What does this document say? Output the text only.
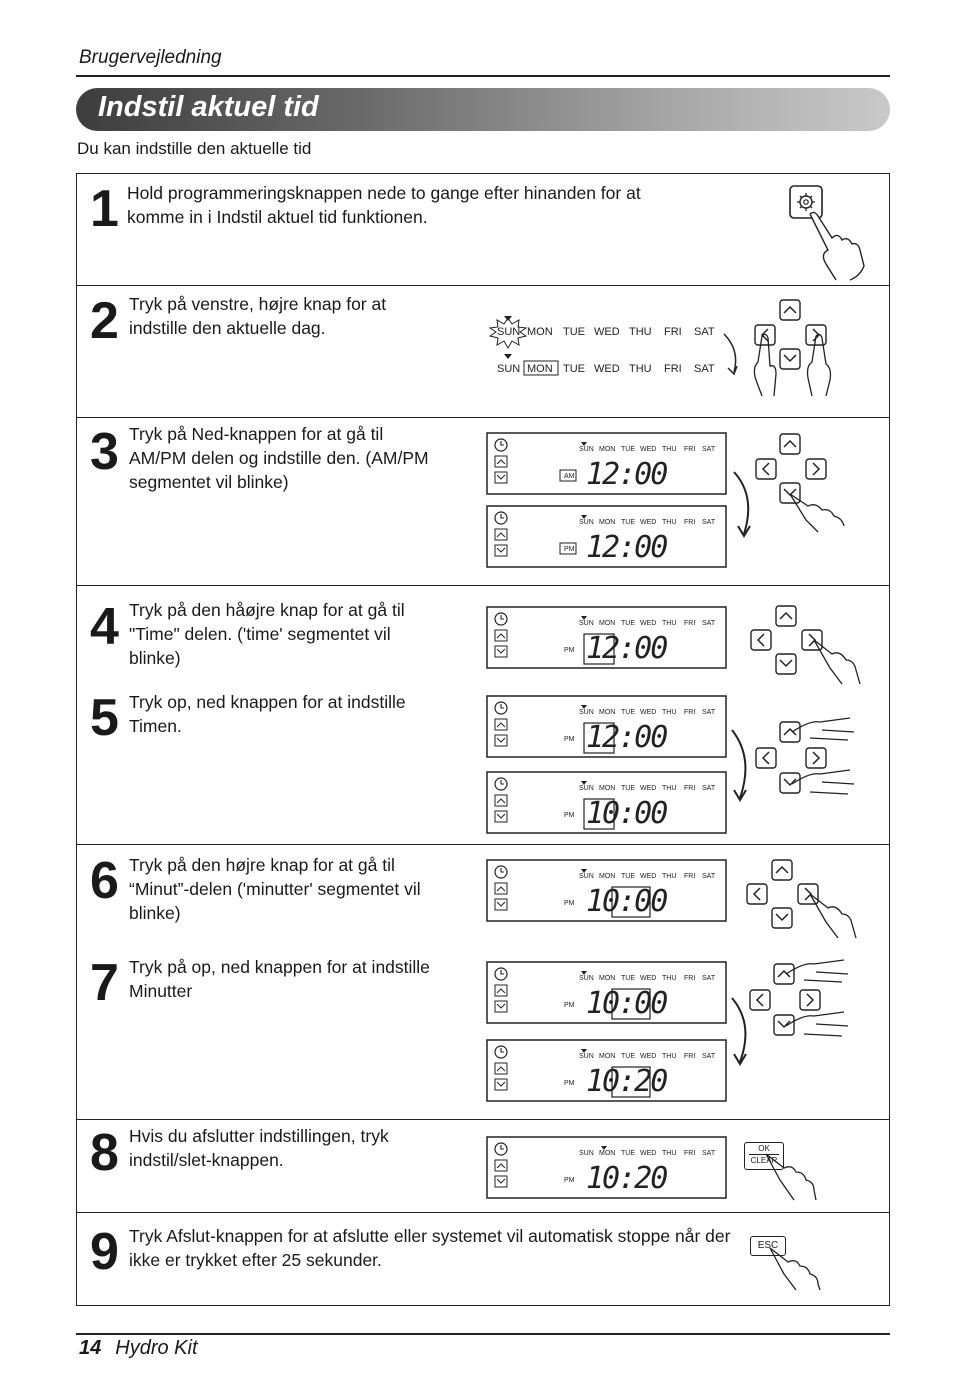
Brugervejledning
Indstil aktuel tid
Du kan indstille den aktuelle tid
1 Hold programmeringsknappen nede to gange efter hinanden for at komme in i Indstil aktuel tid funktionen.
2 Tryk på venstre, højre knap for at indstille den aktuelle dag.	SUN MON TUE WED THU FRI SAT
SUN MON TUE WED THU FRI SAT
3 Tryk på Ned-knappen for at gå til AM/PM delen og indstille den. (AM/PM segmentet vil blinke)
4 Tryk på den håøjre knap for at gå til "Time" delen. ('time' segmentet vil blinke)
5 Tryk op, ned knappen for at indstille Timen.
6 Tryk på den højre knap for at gå til “Minut”-delen ('minutter' segmentet vil blinke)
7 Tryk på op, ned knappen for at indstille Minutter
8 Hvis du afslutter indstillingen, tryk indstil/slet-knappen.
9 Tryk Afslut-knappen for at afslutte eller systemet vil automatisk stoppe når der ikke er trykket efter 25 sekunder.
SUN MON TUE WED THU FRI SAT
AM 12:00
SUN MON TUE WED THU FRI SAT
PM 12:00
SUN MON TUE WED THU FRI SAT
PM 12:00
SUN MON TUE WED THU FRI SAT
PM 12:00
SUN MON TUE WED THU FRI SAT
PM 10:00
SUN MON TUE WED THU FRI SAT
PM 10:00
SUN MON TUE WED THU FRI SAT
PM 10:00
SUN MON TUE WED THU FRI SAT
PM 10:20
SUN MON TUE WED THU FRI SAT
PM 10:20
OK
CLEAR
ESC
14 Hydro Kit
